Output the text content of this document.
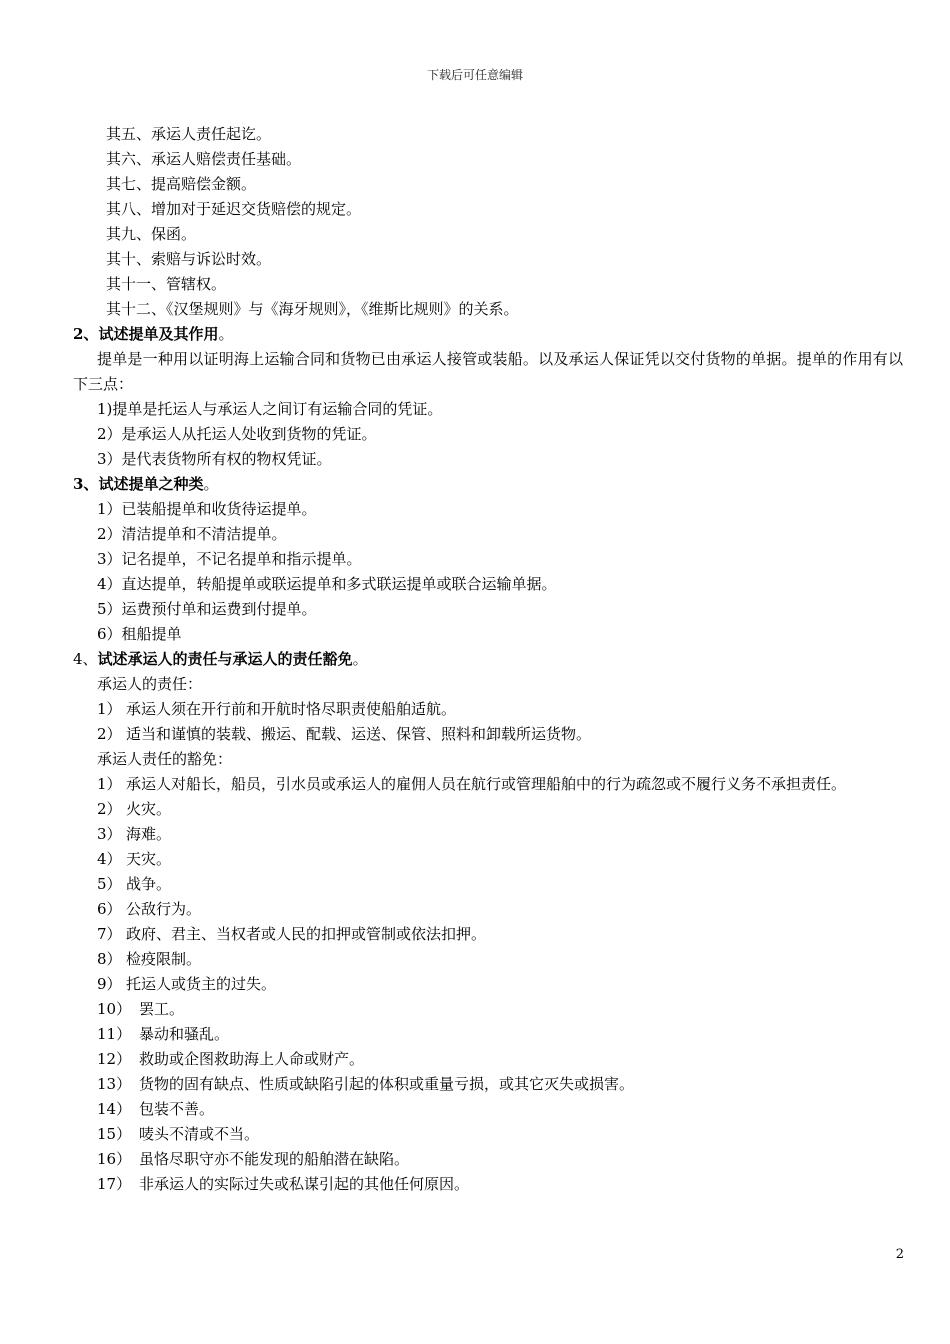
下载后可任意编辑
其五、承运人责任起讫。
其六、承运人赔偿责任基础。
其七、提高赔偿金额。
其八、增加对于延迟交货赔偿的规定。
其九、保函。
其十、索赔与诉讼时效。
其十一、管辖权。
其十二、《汉堡规则》与《海牙规则》，《维斯比规则》的关系。
2、试述提单及其作用。
提单是一种用以证明海上运输合同和货物已由承运人接管或装船。以及承运人保证凭以交付货物的单据。提单的作用有以下三点：
1)提单是托运人与承运人之间订有运输合同的凭证。
2）是承运人从托运人处收到货物的凭证。
3）是代表货物所有权的物权凭证。
3、试述提单之种类。
1）已装船提单和收货待运提单。
2）清洁提单和不清洁提单。
3）记名提单，不记名提单和指示提单。
4）直达提单，转船提单或联运提单和多式联运提单或联合运输单据。
5）运费预付单和运费到付提单。
6）租船提单
4、试述承运人的责任与承运人的责任豁免。
承运人的责任：
1） 承运人须在开行前和开航时恪尽职责使船舶适航。
2） 适当和谨慎的装载、搬运、配载、运送、保管、照料和卸载所运货物。
承运人责任的豁免：
1） 承运人对船长，船员，引水员或承运人的雇佣人员在航行或管理船舶中的行为疏忽或不履行义务不承担责任。
2） 火灾。
3） 海难。
4） 天灾。
5） 战争。
6） 公敌行为。
7） 政府、君主、当权者或人民的扣押或管制或依法扣押。
8） 检疫限制。
9） 托运人或货主的过失。
10） 罢工。
11） 暴动和骚乱。
12） 救助或企图救助海上人命或财产。
13） 货物的固有缺点、性质或缺陷引起的体积或重量亏损，或其它灭失或损害。
14） 包装不善。
15） 唛头不清或不当。
16） 虽恪尽职守亦不能发现的船舶潜在缺陷。
17） 非承运人的实际过失或私谋引起的其他任何原因。
2
